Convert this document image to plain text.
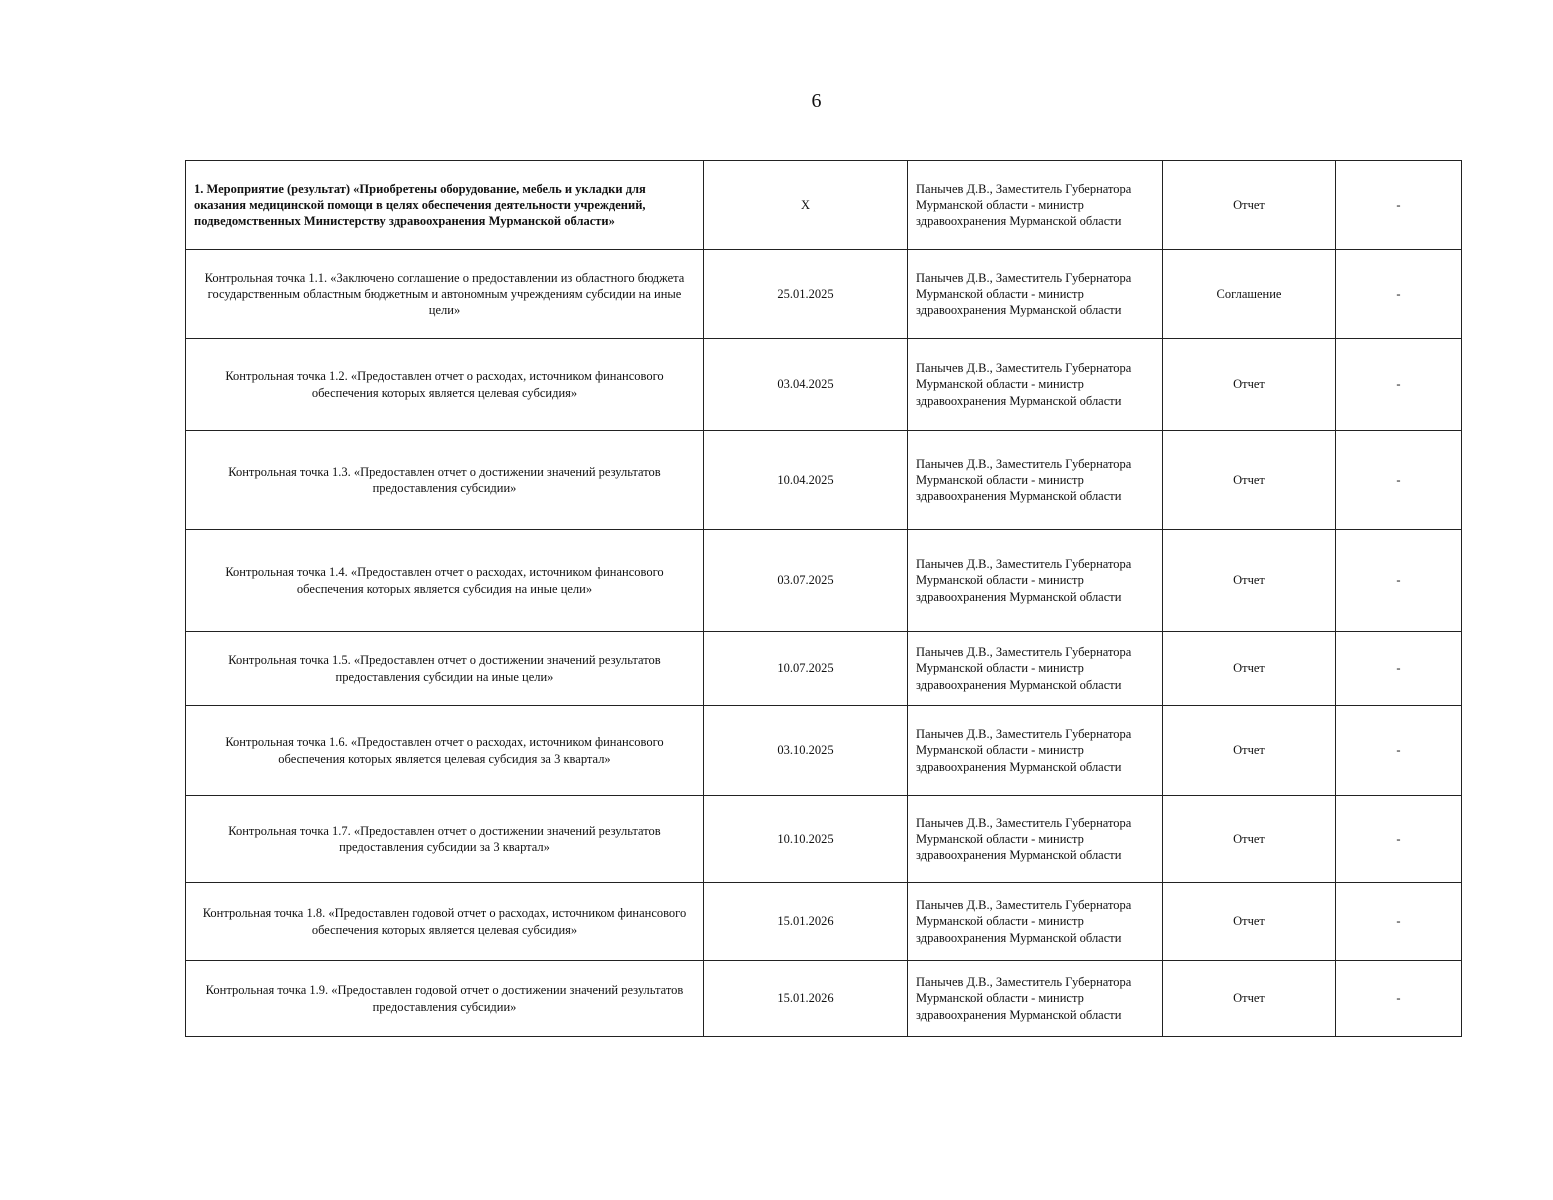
6
1. Мероприятие (результат) «Приобретены оборудование, мебель и укладки для оказания медицинской помощи в целях обеспечения деятельности учреждений, подведомственных Министерству здравоохранения Мурманской области»	Х	Панычев Д.В., Заместитель Губернатора Мурманской области - министр здравоохранения Мурманской области	Отчет	-
Контрольная точка 1.1. «Заключено соглашение о предоставлении из областного бюджета государственным областным бюджетным и автономным учреждениям субсидии на иные цели»	25.01.2025	Панычев Д.В., Заместитель Губернатора Мурманской области - министр здравоохранения Мурманской области	Соглашение	-
Контрольная точка 1.2. «Предоставлен отчет о расходах, источником финансового обеспечения которых является целевая субсидия»	03.04.2025	Панычев Д.В., Заместитель Губернатора Мурманской области - министр здравоохранения Мурманской области	Отчет	-
Контрольная точка 1.3. «Предоставлен отчет о достижении значений результатов предоставления субсидии»	10.04.2025	Панычев Д.В., Заместитель Губернатора Мурманской области - министр здравоохранения Мурманской области	Отчет	-
Контрольная точка 1.4. «Предоставлен отчет о расходах, источником финансового обеспечения которых является субсидия на иные цели»	03.07.2025	Панычев Д.В., Заместитель Губернатора Мурманской области - министр здравоохранения Мурманской области	Отчет	-
Контрольная точка 1.5. «Предоставлен отчет о достижении значений результатов предоставления субсидии на иные цели»	10.07.2025	Панычев Д.В., Заместитель Губернатора Мурманской области - министр здравоохранения Мурманской области	Отчет	-
Контрольная точка 1.6. «Предоставлен отчет о расходах, источником финансового обеспечения которых является целевая субсидия за 3 квартал»	03.10.2025	Панычев Д.В., Заместитель Губернатора Мурманской области - министр здравоохранения Мурманской области	Отчет	-
Контрольная точка 1.7. «Предоставлен отчет о достижении значений результатов предоставления субсидии за 3 квартал»	10.10.2025	Панычев Д.В., Заместитель Губернатора Мурманской области - министр здравоохранения Мурманской области	Отчет	-
Контрольная точка 1.8. «Предоставлен годовой отчет о расходах, источником финансового обеспечения которых является целевая субсидия»	15.01.2026	Панычев Д.В., Заместитель Губернатора Мурманской области - министр здравоохранения Мурманской области	Отчет	-
Контрольная точка 1.9. «Предоставлен годовой отчет о достижении значений результатов предоставления субсидии»	15.01.2026	Панычев Д.В., Заместитель Губернатора Мурманской области - министр здравоохранения Мурманской области	Отчет	-
